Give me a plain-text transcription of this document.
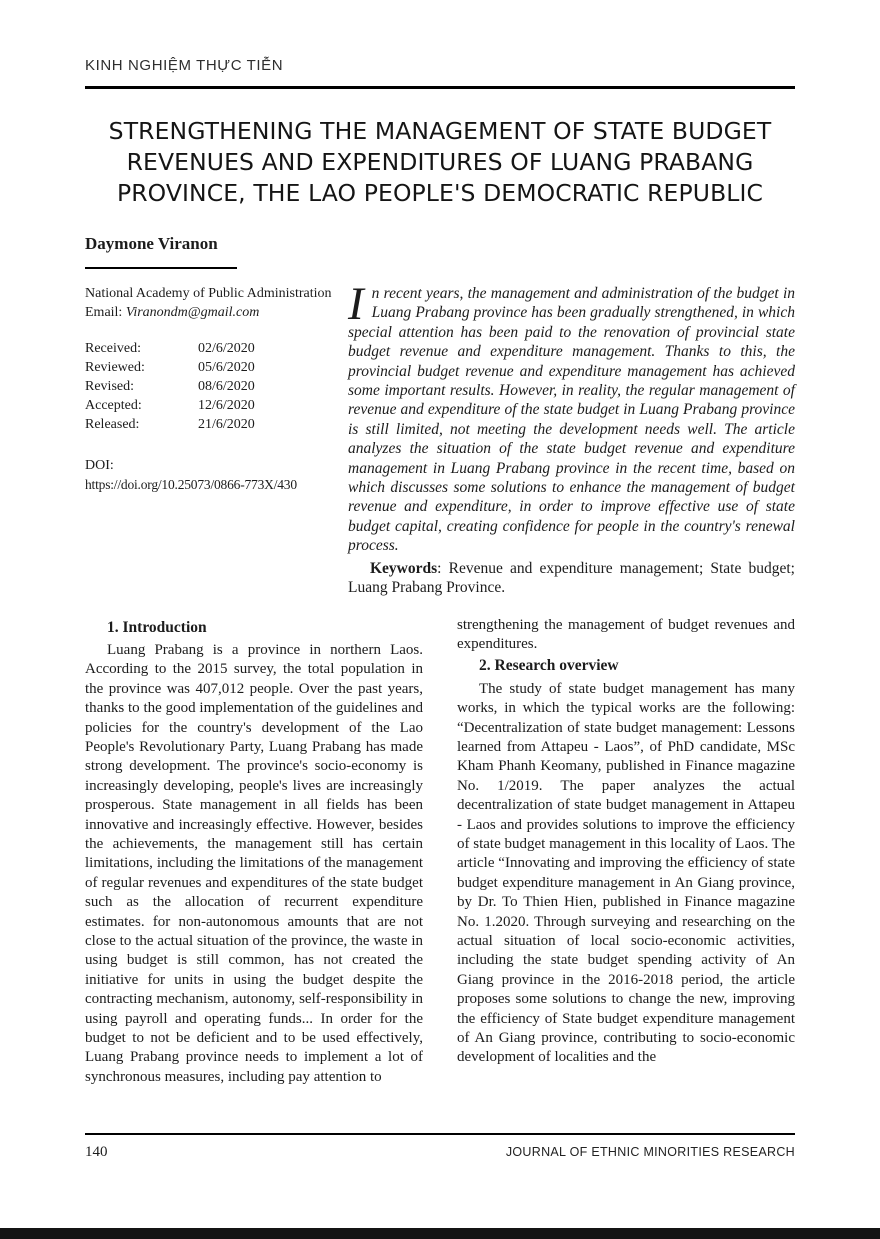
KINH NGHIỆM THỰC TIỄN
STRENGTHENING THE MANAGEMENT OF STATE BUDGET REVENUES AND EXPENDITURES OF LUANG PRABANG PROVINCE, THE LAO PEOPLE'S DEMOCRATIC REPUBLIC
Daymone Viranon
National Academy of Public Administration
Email: Viranondm@gmail.com
Received:	02/6/2020
Reviewed:	05/6/2020
Revised:	08/6/2020
Accepted:	12/6/2020
Released:	21/6/2020
DOI:
https://doi.org/10.25073/0866-773X/430

In recent years, the management and administration of the budget in Luang Prabang province has been gradually strengthened, in which special attention has been paid to the renovation of provincial state budget revenue and expenditure management. Thanks to this, the provincial budget revenue and expenditure management has achieved some important results. However, in reality, the regular management of revenue and expenditure of the state budget in Luang Prabang province is still limited, not meeting the development needs well. The article analyzes the situation of the state budget revenue and expenditure management in Luang Prabang province in the recent time, based on which discusses some solutions to enhance the management of budget revenue and expenditure, in order to improve effective use of state budget capital, creating confidence for people in the country's renewal process.

Keywords: Revenue and expenditure management; State budget; Luang Prabang Province.

1. Introduction

Luang Prabang is a province in northern Laos. According to the 2015 survey, the total population in the province was 407,012 people. Over the past years, thanks to the good implementation of the guidelines and policies for the country's development of the Lao People's Revolutionary Party, Luang Prabang has made strong development. The province's socio-economy is increasingly developing, people's lives are increasingly prosperous. State management in all fields has been innovative and increasingly effective. However, besides the achievements, the management still has certain limitations, including the limitations of the management of regular revenues and expenditures of the state budget such as the allocation of recurrent expenditure estimates. for non-autonomous amounts that are not close to the actual situation of the province, the waste in using budget is still common, has not created the initiative for units in using the budget despite the contracting mechanism, autonomy, self-responsibility in using payroll and operating funds... In order for the budget to not be deficient and to be used effectively, Luang Prabang province needs to implement a lot of synchronous measures, including pay attention to

strengthening the management of budget revenues and expenditures.

2. Research overview

The study of state budget management has many works, in which the typical works are the following: “Decentralization of state budget management: Lessons learned from Attapeu - Laos”, of PhD candidate, MSc Kham Phanh Keomany, published in Finance magazine No. 1/2019. The paper analyzes the actual decentralization of state budget management in Attapeu - Laos and provides solutions to improve the efficiency of state budget management in this locality of Laos. The article “Innovating and improving the efficiency of state budget expenditure management in An Giang province, by Dr. To Thien Hien, published in Finance magazine No. 1.2020. Through surveying and researching on the actual situation of local socio-economic activities, including the state budget spending activity of An Giang province in the 2016-2018 period, the article proposes some solutions to change the new, improving the efficiency of State budget expenditure management of An Giang province, contributing to socio-economic development of localities and the

140	JOURNAL OF ETHNIC MINORITIES RESEARCH
